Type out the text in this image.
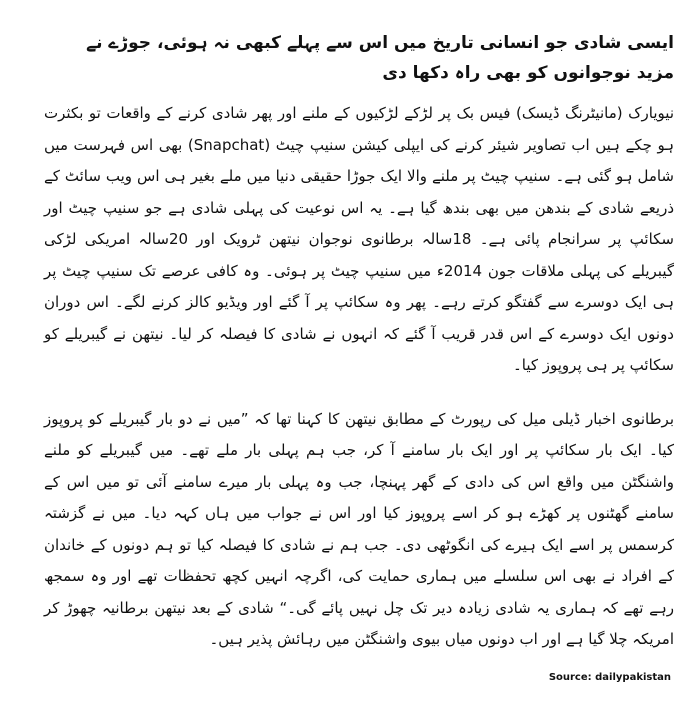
ایسی شادی جو انسانی تاریخ میں اس سے پہلے کبھی نہ ہوئی، جوڑے نے مزید نوجوانوں کو بھی راہ دکھا دی

نیویارک (مانیٹرنگ ڈیسک) فیس بک پر لڑکے لڑکیوں کے ملنے اور پھر شادی کرنے کے واقعات تو بکثرت ہو چکے ہیں اب تصاویر شیئر کرنے کی ایپلی کیشن سنیپ چیٹ (Snapchat) بھی اس فہرست میں شامل ہو گئی ہے۔ سنیپ چیٹ پر ملنے والا ایک جوڑا حقیقی دنیا میں ملے بغیر ہی اس ویب سائٹ کے ذریعے شادی کے بندھن میں بھی بندھ گیا ہے۔ یہ اس نوعیت کی پہلی شادی ہے جو سنیپ چیٹ اور سکائپ پر سرانجام پائی ہے۔ 18سالہ برطانوی نوجوان نیتھن ٹرویک اور 20سالہ امریکی لڑکی گیبریلے کی پہلی ملاقات جون 2014ء میں سنیپ چیٹ پر ہوئی۔ وہ کافی عرصے تک سنیپ چیٹ پر ہی ایک دوسرے سے گفتگو کرتے رہے۔ پھر وہ سکائپ پر آ گئے اور ویڈیو کالز کرنے لگے۔ اس دوران دونوں ایک دوسرے کے اس قدر قریب آ گئے کہ انہوں نے شادی کا فیصلہ کر لیا۔ نیتھن نے گیبریلے کو سکائپ پر ہی پروپوز کیا۔

برطانوی اخبار ڈیلی میل کی رپورٹ کے مطابق نیتھن کا کہنا تھا کہ ”میں نے دو بار گیبریلے کو پروپوز کیا۔ ایک بار سکائپ پر اور ایک بار سامنے آ کر، جب ہم پہلی بار ملے تھے۔ میں گیبریلے کو ملنے واشنگٹن میں واقع اس کی دادی کے گھر پہنچا، جب وہ پہلی بار میرے سامنے آئی تو میں اس کے سامنے گھٹنوں پر کھڑے ہو کر اسے پروپوز کیا اور اس نے جواب میں ہاں کہہ دیا۔ میں نے گزشتہ کرسمس پر اسے ایک ہیرے کی انگوٹھی دی۔ جب ہم نے شادی کا فیصلہ کیا تو ہم دونوں کے خاندان کے افراد نے بھی اس سلسلے میں ہماری حمایت کی، اگرچہ انہیں کچھ تحفظات تھے اور وہ سمجھ رہے تھے کہ ہماری یہ شادی زیادہ دیر تک چل نہیں پائے گی۔“ شادی کے بعد نیتھن برطانیہ چھوڑ کر امریکہ چلا گیا ہے اور اب دونوں میاں بیوی واشنگٹن میں رہائش پذیر ہیں۔

Source: dailypakistan
